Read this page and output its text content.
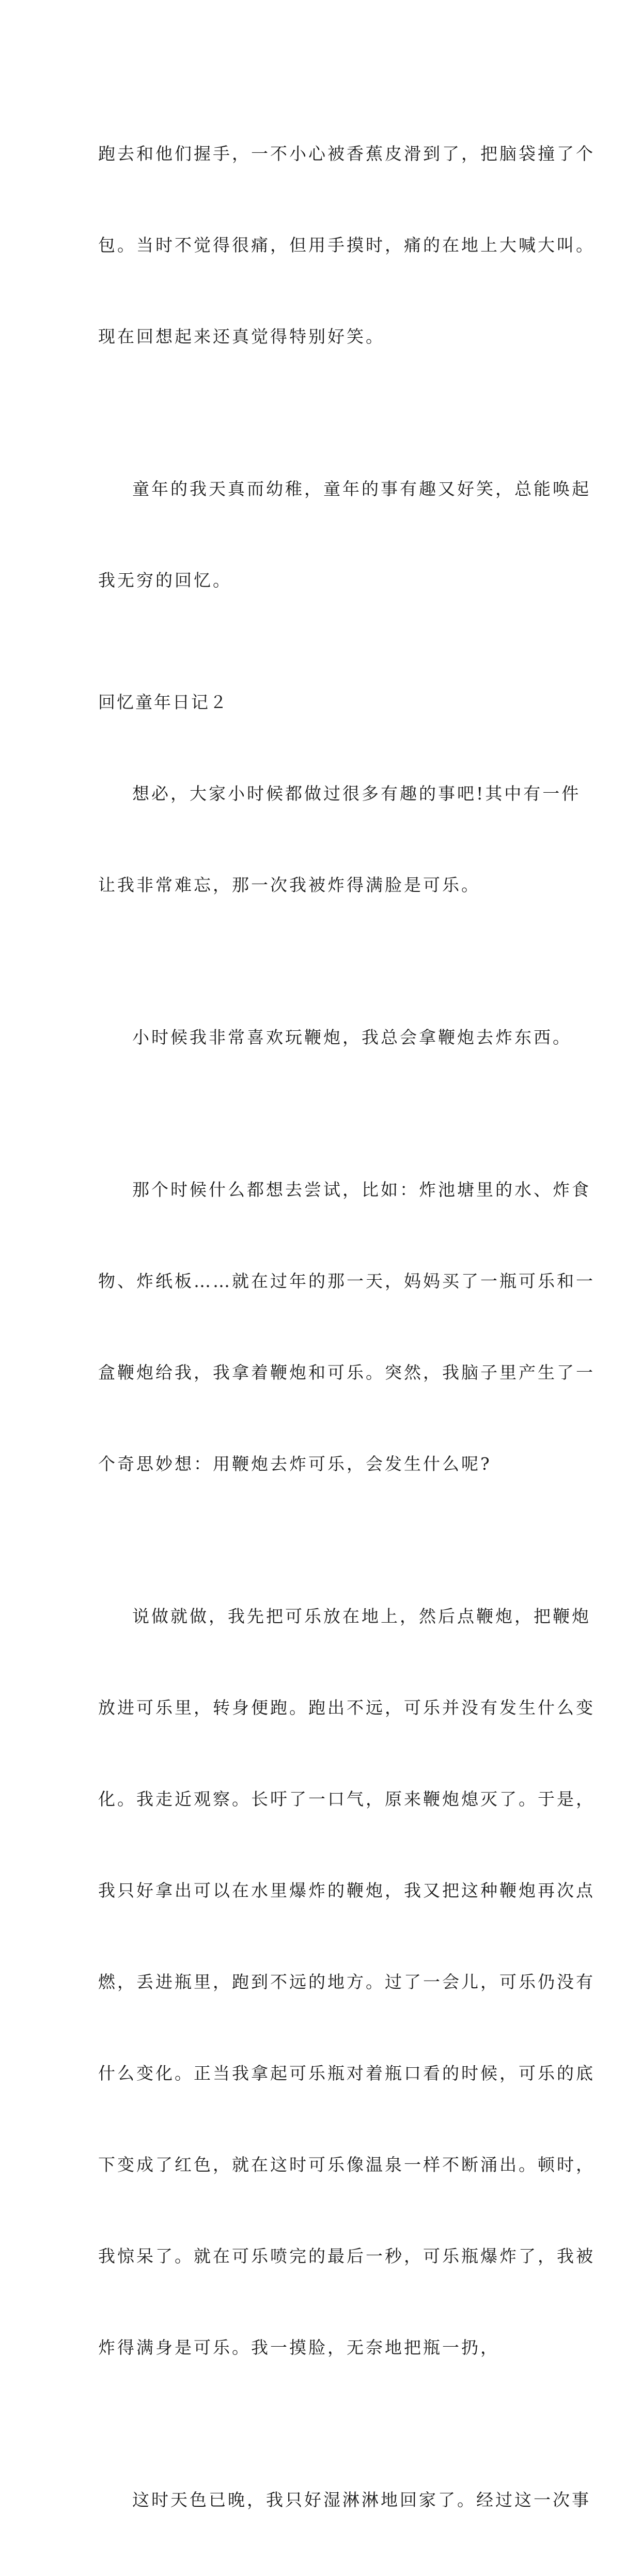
跑去和他们握手，一不小心被香蕉皮滑到了，把脑袋撞了个

包。当时不觉得很痛，但用手摸时，痛的在地上大喊大叫。

现在回想起来还真觉得特别好笑。

童年的我天真而幼稚，童年的事有趣又好笑，总能唤起

我无穷的回忆。

回忆童年日记２

想必，大家小时候都做过很多有趣的事吧!其中有一件

让我非常难忘，那一次我被炸得满脸是可乐。

小时候我非常喜欢玩鞭炮，我总会拿鞭炮去炸东西。

那个时候什么都想去尝试，比如：炸池塘里的水、炸食

物、炸纸板……就在过年的那一天，妈妈买了一瓶可乐和一

盒鞭炮给我，我拿着鞭炮和可乐。突然，我脑子里产生了一

个奇思妙想：用鞭炮去炸可乐，会发生什么呢?

说做就做，我先把可乐放在地上，然后点鞭炮，把鞭炮

放进可乐里，转身便跑。跑出不远，可乐并没有发生什么变

化。我走近观察。长吁了一口气，原来鞭炮熄灭了。于是，

我只好拿出可以在水里爆炸的鞭炮，我又把这种鞭炮再次点

燃，丢进瓶里，跑到不远的地方。过了一会儿，可乐仍没有

什么变化。正当我拿起可乐瓶对着瓶口看的时候，可乐的底

下变成了红色，就在这时可乐像温泉一样不断涌出。顿时，

我惊呆了。就在可乐喷完的最后一秒，可乐瓶爆炸了，我被

炸得满身是可乐。我一摸脸，无奈地把瓶一扔，

这时天色已晚，我只好湿淋淋地回家了。经过这一次事
